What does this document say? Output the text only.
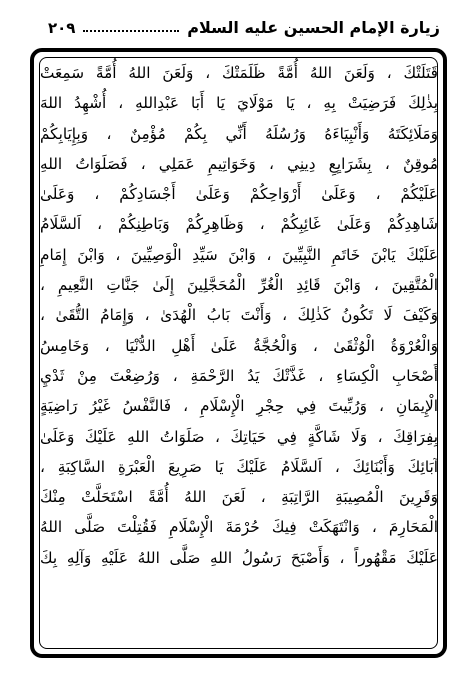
زيارة الإمام الحسين عليه السلام
٢٠٩
قَتَلَتْكَ ، وَلَعَنَ اللهُ أُمَّةً ظَلَمَتْكَ ، وَلَعَنَ اللهُ أُمَّةً سَمِعَتْ
بِذٰلِكَ فَرَضِيَتْ بِهِ ، يَا مَوْلَايَ يَا أَبَا عَبْدِاللهِ ، أُشْهِدُ اللهَ
وَمَلَائِكَتَهُ وَأَنْبِيَاءَهُ وَرُسُلَهُ أَنِّي بِكُمْ مُؤْمِنٌ ، وَبِإِيَابِكُمْ
مُوقِنٌ ، بِشَرَايِعِ دِينِي ، وَخَوَاتِيمِ عَمَلِي ، فَصَلَوَاتُ اللهِ
عَلَيْكُمْ ، وَعَلَىٰ أَرْوَاحِكُمْ وَعَلَىٰ أَجْسَادِكُمْ ، وَعَلَىٰ
شَاهِدِكُمْ وَعَلَىٰ غَائِبِكُمْ ، وَظَاهِرِكُمْ وَبَاطِنِكُمْ ، اَلسَّلَامُ
عَلَيْكَ يَابْنَ خَاتَمِ النَّبِيِّينَ ، وَابْنَ سَيِّدِ الْوَصِيِّينَ ، وَابْنَ إِمَامِ
الْمُتَّقِينَ ، وَابْنَ قَائِدِ الْغُرِّ الْمُحَجَّلِينَ إِلَىٰ جَنَّاتِ النَّعِيمِ ،
وَكَيْفَ لَا تَكُونُ كَذٰلِكَ ، وَأَنْتَ بَابُ الْهُدَىٰ ، وَإِمَامُ التُّقَىٰ ،
وَالْعُرْوَةُ الْوُثْقَىٰ ، وَالْحُجَّةُ عَلَىٰ أَهْلِ الدُّنْيَا ، وَخَامِسُ
أَصْحَابِ الْكِسَاءِ ، غَذَّتْكَ يَدُ الرَّحْمَةِ ، وَرُضِعْتَ مِنْ ثَدْيِ
الْإِيمَانِ ، وَرُبِّيتَ فِي حِجْرِ الْإِسْلَامِ ، فَالنَّفْسُ غَيْرُ رَاضِيَةٍ
بِفِرَاقِكَ ، وَلَا شَاكَّةٍ فِي حَيَاتِكَ ، صَلَوَاتُ اللهِ عَلَيْكَ وَعَلَىٰ
آبَائِكَ وَأَبْنَائِكَ ، اَلسَّلَامُ عَلَيْكَ يَا صَرِيعَ الْعَبْرَةِ السَّاكِبَةِ ،
وَقَرِينَ الْمُصِيبَةِ الرَّاتِبَةِ ، لَعَنَ اللهُ أُمَّةً اسْتَحَلَّتْ مِنْكَ
الْمَحَارِمَ ، وَانْتَهَكَتْ فِيكَ حُرْمَةَ الْإِسْلَامِ فَقُتِلْتَ صَلَّى اللهُ
عَلَيْكَ مَقْهُوراً ، وَأَصْبَحَ رَسُولُ اللهِ صَلَّى اللهُ عَلَيْهِ وَآلِهِ بِكَ
